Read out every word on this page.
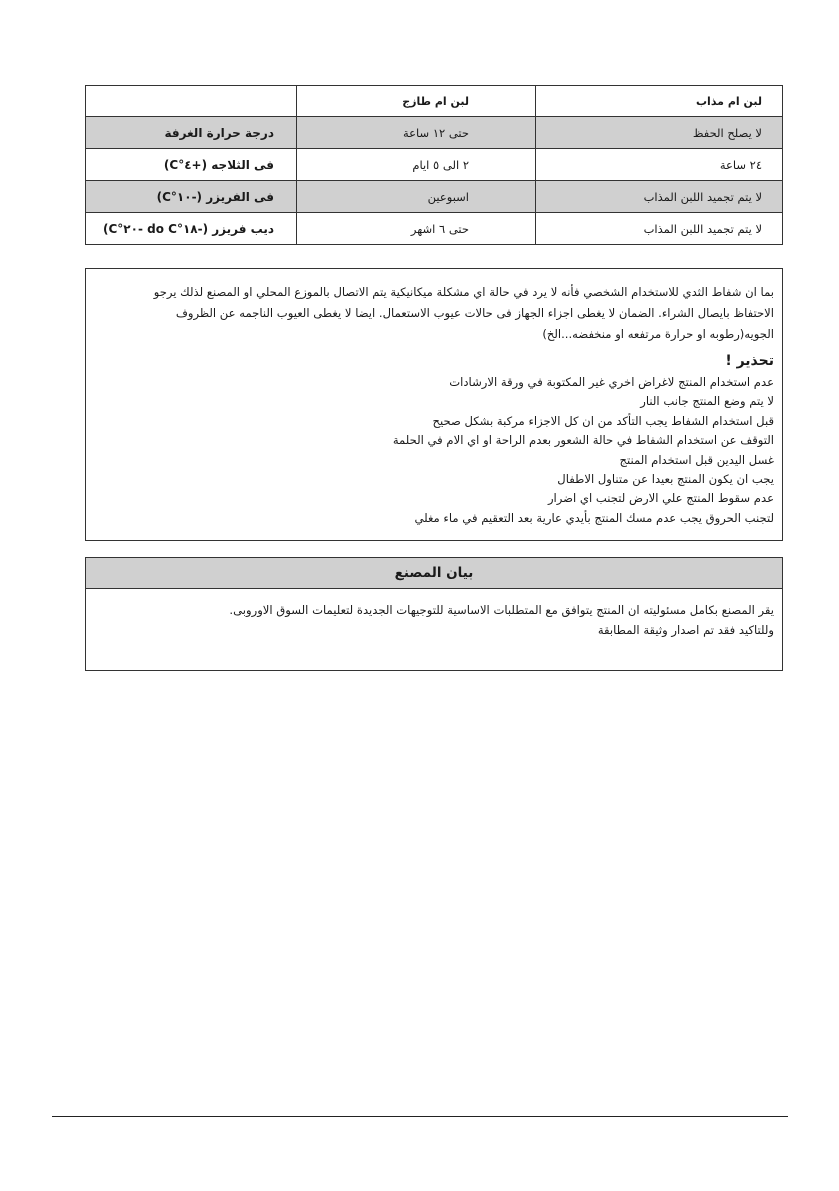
لبن ام مذاب	لبن ام طازج	
لا يصلح الحفظ	حتى ١٢ ساعة	درجة حرارة الغرفة
٢٤ ساعة	٢ الى ٥ ايام	فى الثلاجه (+٤°C)
لا يتم تجميد اللبن المذاب	اسبوعين	فى الفريزر (-١٠°C)
لا يتم تجميد اللبن المذاب	حتى ٦ اشهر	ديب فريزر (-١٨°do C -٢٠°C)
بما ان شفاط الثدي للاستخدام الشخصي فأنه لا يرد في حالة اي مشكلة ميكانيكية يتم الاتصال بالموزع المحلي او المصنع لذلك يرجو
الاحتفاظ بايصال الشراء. الضمان لا يغطى اجزاء الجهاز فى حالات عيوب الاستعمال. ايضا لا يغطى العيوب الناجمه عن الظروف
الجويه(رطوبه او حرارة مرتفعه او منخفضه...الخ)
تحذير !
عدم استخدام المنتج لاغراض اخري غير المكتوبة في ورقة الارشادات
لا يتم وضع المنتج جانب النار
قبل استخدام الشفاط يجب التأكد من ان كل الاجزاء مركبة بشكل صحيح
التوقف عن استخدام الشفاط في حالة الشعور بعدم الراحة او اي الام في الحلمة
غسل اليدين قبل استخدام المنتج
يجب ان يكون المنتج بعيدا عن متناول الاطفال
عدم سقوط المنتج علي الارض لتجنب اي اضرار
لتجنب الحروق يجب عدم مسك المنتج بأيدي عارية بعد التعقيم في ماء مغلي
بيان المصنع
يقر المصنع بكامل مسئوليته ان المنتج يتوافق مع المتطلبات الاساسية للتوجيهات الجديدة لتعليمات السوق الاوروبى.
وللتاكيد فقد تم اصدار وثيقة المطابقة
